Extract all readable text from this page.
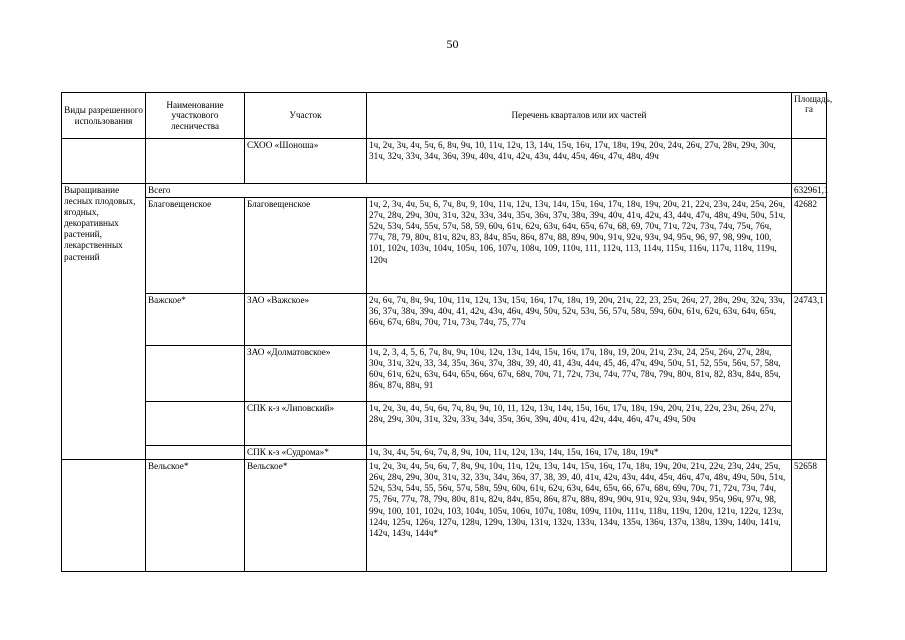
50
Виды разрешенного использования	Наименование участкового лесничества	Участок	Перечень кварталов или их частей	Площадь, га
		СХОО «Шоноша»	1ч, 2ч, 3ч, 4ч, 5ч, 6, 8ч, 9ч, 10, 11ч, 12ч, 13, 14ч, 15ч, 16ч, 17ч, 18ч, 19ч, 20ч, 24ч, 26ч, 27ч, 28ч, 29ч, 30ч, 31ч, 32ч, 33ч, 34ч, 36ч, 39ч, 40ч, 41ч, 42ч, 43ч, 44ч, 45ч, 46ч, 47ч, 48ч, 49ч	
Выращивание лесных плодовых, ягодных, декоративных растений, лекарственных растений	Всего			632961,1
	Благовещенское	Благовещенское	1ч, 2, 3ч, 4ч, 5ч, 6, 7ч, 8ч, 9, 10ч, 11ч, 12ч, 13ч, 14ч, 15ч, 16ч, 17ч, 18ч, 19ч, 20ч, 21, 22ч, 23ч, 24ч, 25ч, 26ч, 27ч, 28ч, 29ч, 30ч, 31ч, 32ч, 33ч, 34ч, 35ч, 36ч, 37ч, 38ч, 39ч, 40ч, 41ч, 42ч, 43, 44ч, 47ч, 48ч, 49ч, 50ч, 51ч, 52ч, 53ч, 54ч, 55ч, 57ч, 58, 59, 60ч, 61ч, 62ч, 63ч, 64ч, 65ч, 67ч, 68, 69, 70ч, 71ч, 72ч, 73ч, 74ч, 75ч, 76ч, 77ч, 78, 79, 80ч, 81ч, 82ч, 83, 84ч, 85ч, 86ч, 87ч, 88, 89ч, 90ч, 91ч, 92ч, 93ч, 94, 95ч, 96, 97, 98, 99ч, 100, 101, 102ч, 103ч, 104ч, 105ч, 106, 107ч, 108ч, 109, 110ч, 111, 112ч, 113, 114ч, 115ч, 116ч, 117ч, 118ч, 119ч, 120ч	42682
	Важское*	ЗАО «Важское»	2ч, 6ч, 7ч, 8ч, 9ч, 10ч, 11ч, 12ч, 13ч, 15ч, 16ч, 17ч, 18ч, 19, 20ч, 21ч, 22, 23, 25ч, 26ч, 27, 28ч, 29ч, 32ч, 33ч, 36, 37ч, 38ч, 39ч, 40ч, 41, 42ч, 43ч, 46ч, 49ч, 50ч, 52ч, 53ч, 56, 57ч, 58ч, 59ч, 60ч, 61ч, 62ч, 63ч, 64ч, 65ч, 66ч, 67ч, 68ч, 70ч, 71ч, 73ч, 74ч, 75, 77ч	24743,1
		ЗАО «Долматовское»	1ч, 2, 3, 4, 5, 6, 7ч, 8ч, 9ч, 10ч, 12ч, 13ч, 14ч, 15ч, 16ч, 17ч, 18ч, 19, 20ч, 21ч, 23ч, 24, 25ч, 26ч, 27ч, 28ч, 30ч, 31ч, 32ч, 33, 34, 35ч, 36ч, 37ч, 38ч, 39, 40, 41, 43ч, 44ч, 45, 46, 47ч, 49ч, 50ч, 51, 52, 55ч, 56ч, 57, 58ч, 60ч, 61ч, 62ч, 63ч, 64ч, 65ч, 66ч, 67ч, 68ч, 70ч, 71, 72ч, 73ч, 74ч, 77ч, 78ч, 79ч, 80ч, 81ч, 82, 83ч, 84ч, 85ч, 86ч, 87ч, 88ч, 91	
		СПК к-з «Липовский»	1ч, 2ч, 3ч, 4ч, 5ч, 6ч, 7ч, 8ч, 9ч, 10, 11, 12ч, 13ч, 14ч, 15ч, 16ч, 17ч, 18ч, 19ч, 20ч, 21ч, 22ч, 23ч, 26ч, 27ч, 28ч, 29ч, 30ч, 31ч, 32ч, 33ч, 34ч, 35ч, 36ч, 39ч, 40ч, 41ч, 42ч, 44ч, 46ч, 47ч, 49ч, 50ч	
		СПК к-з «Судрома»*	1ч, 3ч, 4ч, 5ч, 6ч, 7ч, 8, 9ч, 10ч, 11ч, 12ч, 13ч, 14ч, 15ч, 16ч, 17ч, 18ч, 19ч*	
	Вельское*	Вельское*	1ч, 2ч, 3ч, 4ч, 5ч, 6ч, 7, 8ч, 9ч, 10ч, 11ч, 12ч, 13ч, 14ч, 15ч, 16ч, 17ч, 18ч, 19ч, 20ч, 21ч, 22ч, 23ч, 24ч, 25ч, 26ч, 28ч, 29ч, 30ч, 31ч, 32, 33ч, 34ч, 36ч, 37, 38, 39, 40, 41ч, 42ч, 43ч, 44ч, 45ч, 46ч, 47ч, 48ч, 49ч, 50ч, 51ч, 52ч, 53ч, 54ч, 55, 56ч, 57ч, 58ч, 59ч, 60ч, 61ч, 62ч, 63ч, 64ч, 65ч, 66, 67ч, 68ч, 69ч, 70ч, 71, 72ч, 73ч, 74ч, 75, 76ч, 77ч, 78, 79ч, 80ч, 81ч, 82ч, 84ч, 85ч, 86ч, 87ч, 88ч, 89ч, 90ч, 91ч, 92ч, 93ч, 94ч, 95ч, 96ч, 97ч, 98, 99ч, 100, 101, 102ч, 103, 104ч, 105ч, 106ч, 107ч, 108ч, 109ч, 110ч, 111ч, 118ч, 119ч, 120ч, 121ч, 122ч, 123ч, 124ч, 125ч, 126ч, 127ч, 128ч, 129ч, 130ч, 131ч, 132ч, 133ч, 134ч, 135ч, 136ч, 137ч, 138ч, 139ч, 140ч, 141ч, 142ч, 143ч, 144ч*	52658
